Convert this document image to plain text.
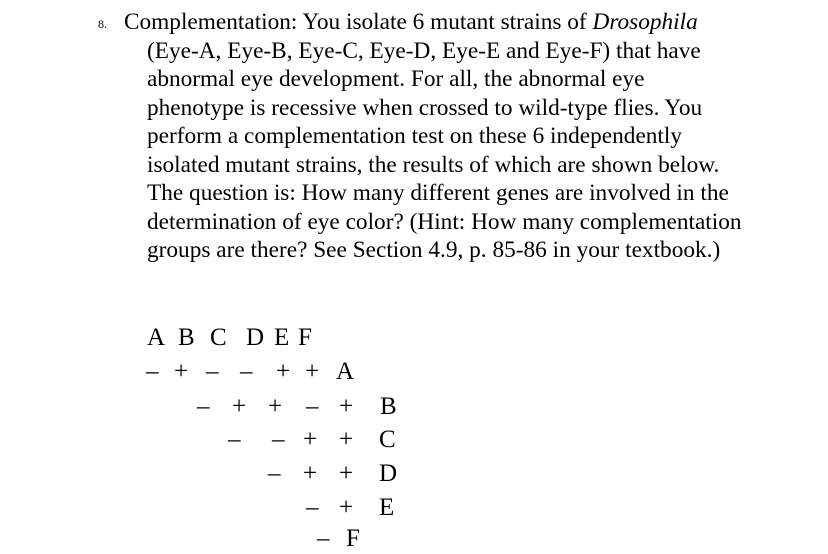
8. Complementation: You isolate 6 mutant strains of Drosophila (Eye-A, Eye-B, Eye-C, Eye-D, Eye-E and Eye-F) that have abnormal eye development. For all, the abnormal eye phenotype is recessive when crossed to wild-type flies. You perform a complementation test on these 6 independently isolated mutant strains, the results of which are shown below. The question is: How many different genes are involved in the determination of eye color? (Hint: How many complementation groups are there? See Section 4.9, p. 85-86 in your textbook.)
A B C D E F
– + – – + + A
– + + – + B
– – + + C
– + + D
– + E
– F
